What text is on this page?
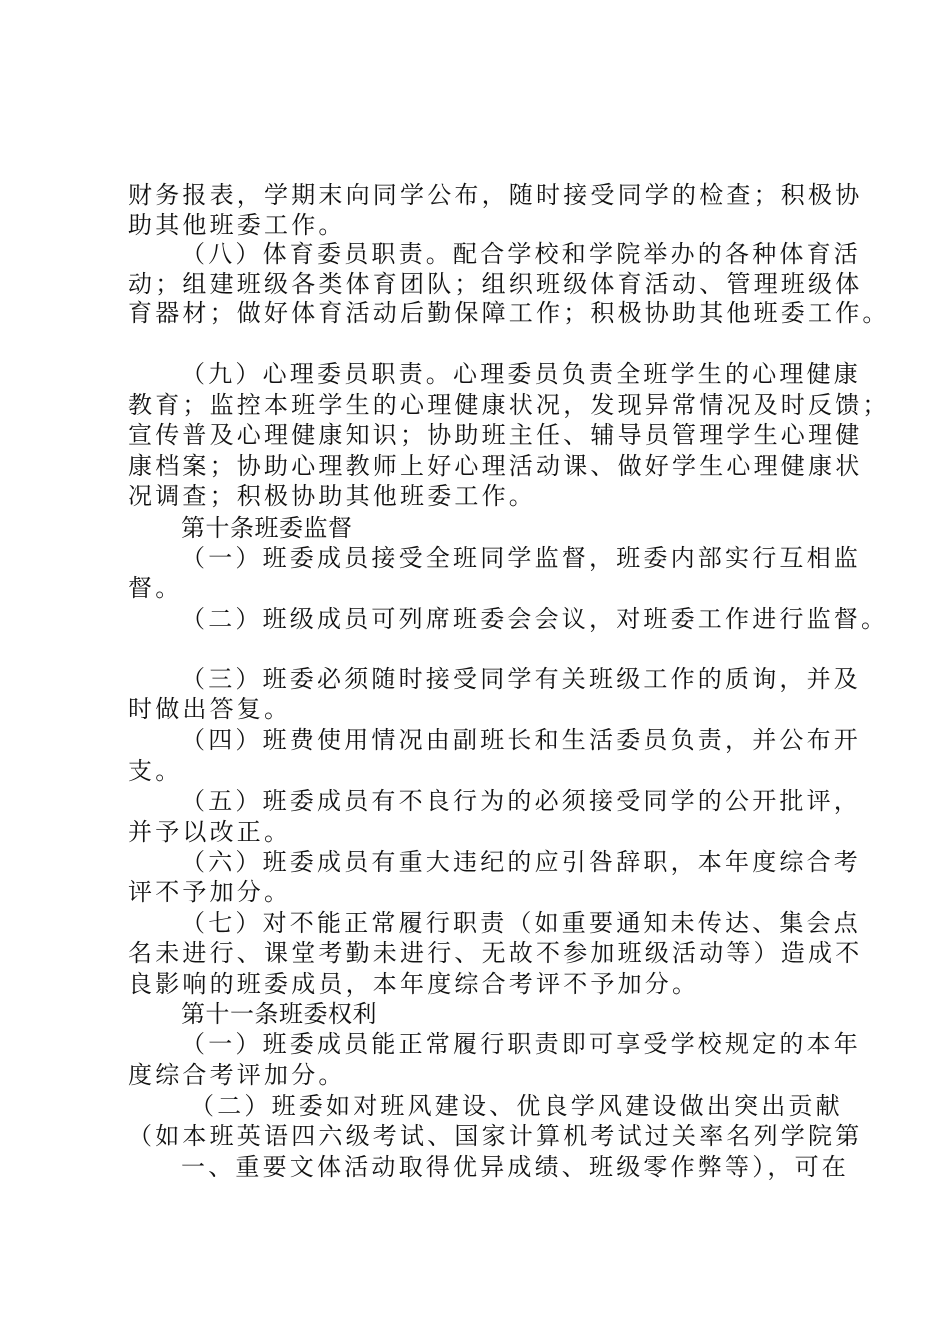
财务报表，学期末向同学公布，随时接受同学的检查；积极协
助其他班委工作。
（八）体育委员职责。配合学校和学院举办的各种体育活
动；组建班级各类体育团队；组织班级体育活动、管理班级体
育器材；做好体育活动后勤保障工作；积极协助其他班委工作。
（九）心理委员职责。心理委员负责全班学生的心理健康
教育；监控本班学生的心理健康状况，发现异常情况及时反馈；
宣传普及心理健康知识；协助班主任、辅导员管理学生心理健
康档案；协助心理教师上好心理活动课、做好学生心理健康状
况调查；积极协助其他班委工作。
第十条班委监督
（一）班委成员接受全班同学监督，班委内部实行互相监
督。
（二）班级成员可列席班委会会议，对班委工作进行监督。
（三）班委必须随时接受同学有关班级工作的质询，并及
时做出答复。
（四）班费使用情况由副班长和生活委员负责，并公布开
支。
（五）班委成员有不良行为的必须接受同学的公开批评，
并予以改正。
（六）班委成员有重大违纪的应引咎辞职，本年度综合考
评不予加分。
（七）对不能正常履行职责（如重要通知未传达、集会点
名未进行、课堂考勤未进行、无故不参加班级活动等）造成不
良影响的班委成员，本年度综合考评不予加分。
第十一条班委权利
（一）班委成员能正常履行职责即可享受学校规定的本年
度综合考评加分。
（二）班委如对班风建设、优良学风建设做出突出贡献
（如本班英语四六级考试、国家计算机考试过关率名列学院第
一、重要文体活动取得优异成绩、班级零作弊等），可在
